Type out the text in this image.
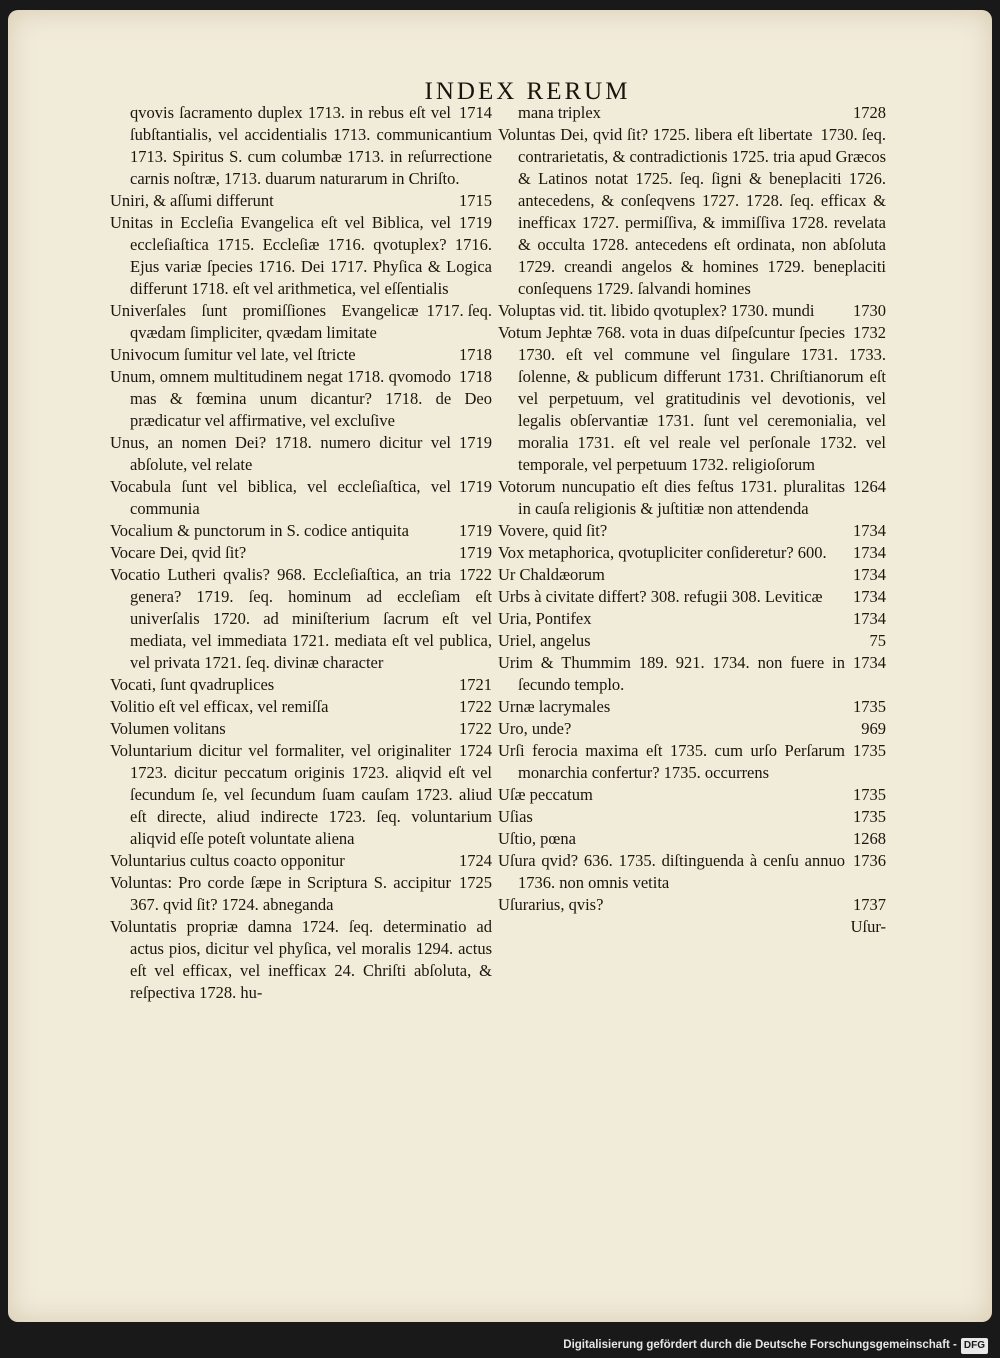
INDEX RERUM

1714
qvovis ſacramento duplex 1713. in rebus eſt vel ſubſtantialis, vel accidentialis 1713. communicantium 1713. Spiritus S. cum columbæ 1713. in reſurrectione carnis noſtræ, 1713. duarum naturarum in Chriſto.

1715
Uniri, & aſſumi differunt

1719
Unitas in Eccleſia Evangelica eſt vel Biblica, vel eccleſiaſtica 1715. Eccleſiæ 1716. qvotuplex? 1716. Ejus variæ ſpecies 1716. Dei 1717. Phyſica & Logica differunt 1718. eſt vel arithmetica, vel eſſentialis

1717. ſeq.
Univerſales ſunt promiſſiones Evangelicæ qvædam ſimpliciter, qvædam limitate

1718
Univocum ſumitur vel late, vel ſtricte

1718
Unum, omnem multitudinem negat 1718. qvomodo mas & fœmina unum dicantur? 1718. de Deo prædicatur vel affirmative, vel excluſive

1719
Unus, an nomen Dei? 1718. numero dicitur vel abſolute, vel relate

1719
Vocabula ſunt vel biblica, vel eccleſiaſtica, vel communia

1719
Vocalium & punctorum in S. codice antiquita

1719
Vocare Dei, qvid ſit?

1722
Vocatio Lutheri qvalis? 968. Eccleſiaſtica, an tria genera? 1719. ſeq. hominum ad eccleſiam eſt univerſalis 1720. ad miniſterium ſacrum eſt vel mediata, vel immediata 1721. mediata eſt vel publica, vel privata 1721. ſeq. divinæ character

1721
Vocati, ſunt qvadruplices

1722
Volitio eſt vel efficax, vel remiſſa

1722
Volumen volitans

1724
Voluntarium dicitur vel formaliter, vel originaliter 1723. dicitur peccatum originis 1723. aliqvid eſt vel ſecundum ſe, vel ſecundum ſuam cauſam 1723. aliud eſt directe, aliud indirecte 1723. ſeq. voluntarium aliqvid eſſe poteſt voluntate aliena

1724
Voluntarius cultus coacto opponitur

1725
Voluntas: Pro corde ſæpe in Scriptura S. accipitur 367. qvid ſit? 1724. abneganda

Voluntatis propriæ damna 1724. ſeq. determinatio ad actus pios, dicitur vel phyſica, vel moralis 1294. actus eſt vel efficax, vel inefficax 24. Chriſti abſoluta, & reſpectiva 1728. hu-

1728
mana triplex

1730. ſeq.
Voluntas Dei, qvid ſit? 1725. libera eſt libertate contrarietatis, & contradictionis 1725. tria apud Græcos & Latinos notat 1725. ſeq. ſigni & beneplaciti 1726. antecedens, & conſeqvens 1727. 1728. ſeq. efficax & inefficax 1727. permiſſiva, & immiſſiva 1728. revelata & occulta 1728. antecedens eſt ordinata, non abſoluta 1729. creandi angelos & homines 1729. beneplaciti conſequens 1729. ſalvandi homines

1730
Voluptas vid. tit. libido qvotuplex? 1730. mundi

1732
Votum Jephtæ 768. vota in duas diſpeſcuntur ſpecies 1730. eſt vel commune vel ſingulare 1731. 1733. ſolenne, & publicum differunt 1731. Chriſtianorum eſt vel perpetuum, vel gratitudinis vel devotionis, vel legalis obſervantiæ 1731. ſunt vel ceremonialia, vel moralia 1731. eſt vel reale vel perſonale 1732. vel temporale, vel perpetuum 1732. religioſorum

1264
Votorum nuncupatio eſt dies feſtus 1731. pluralitas in cauſa religionis & juſtitiæ non attendenda

1734
Vovere, quid ſit?

1734
Vox metaphorica, qvotupliciter conſideretur? 600.

1734
Ur Chaldæorum

1734
Urbs à civitate differt? 308. refugii 308. Leviticæ

1734
Uria, Pontifex

75
Uriel, angelus

1734
Urim & Thummim 189. 921. 1734. non fuere in ſecundo templo.

1735
Urnæ lacrymales

969
Uro, unde?

1735
Urſi ferocia maxima eſt 1735. cum urſo Perſarum monarchia confertur? 1735. occurrens

1735
Uſæ peccatum

1735
Uſias

1268
Uſtio, pœna

1736
Uſura qvid? 636. 1735. diſtinguenda à cenſu annuo 1736. non omnis vetita

1737
Uſurarius, qvis?

Uſur-

Digitalisierung gefördert durch die Deutsche Forschungsgemeinschaft - DFG
